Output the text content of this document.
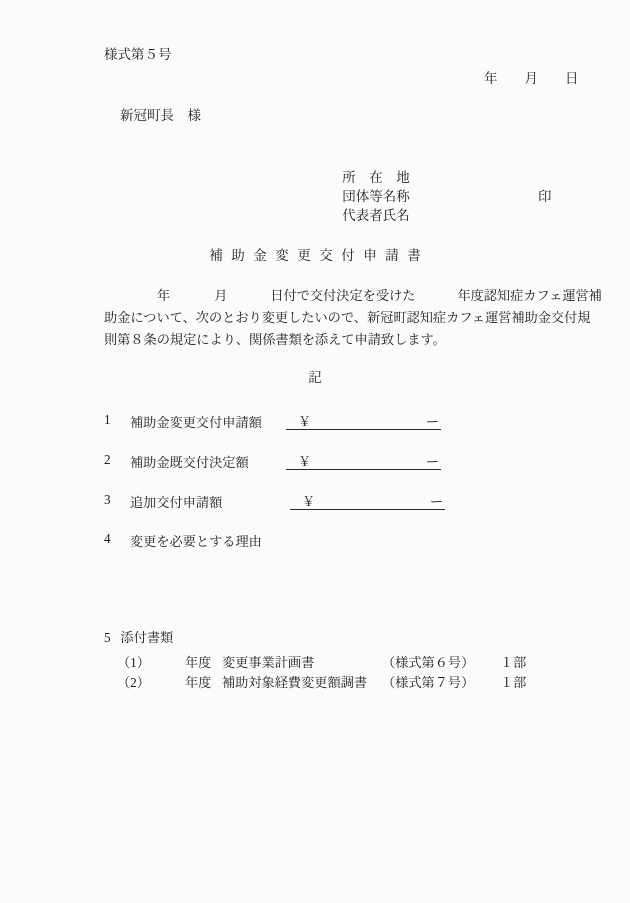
様式第５号
年 月 日
新冠町長　様

所　在　地

団体等名称

代表者氏名

印

補助金変更交付申請書
年	月	日付で交付決定を受けた	年度認知症カフェ運営補
助金について、次のとおり変更したいので、新冠町認知症カフェ運営補助金交付規
則第８条の規定により、関係書類を添えて申請致します。
記
1 補助金変更交付申請額	￥	ー
2 補助金既交付決定額	￥	ー
3 追加交付申請額	￥	ー
4 変更を必要とする理由
5 添付書類
（1）	年度 変更事業計画書	（様式第６号） １部
（2）	年度 補助対象経費変更額調書 （様式第７号） １部
